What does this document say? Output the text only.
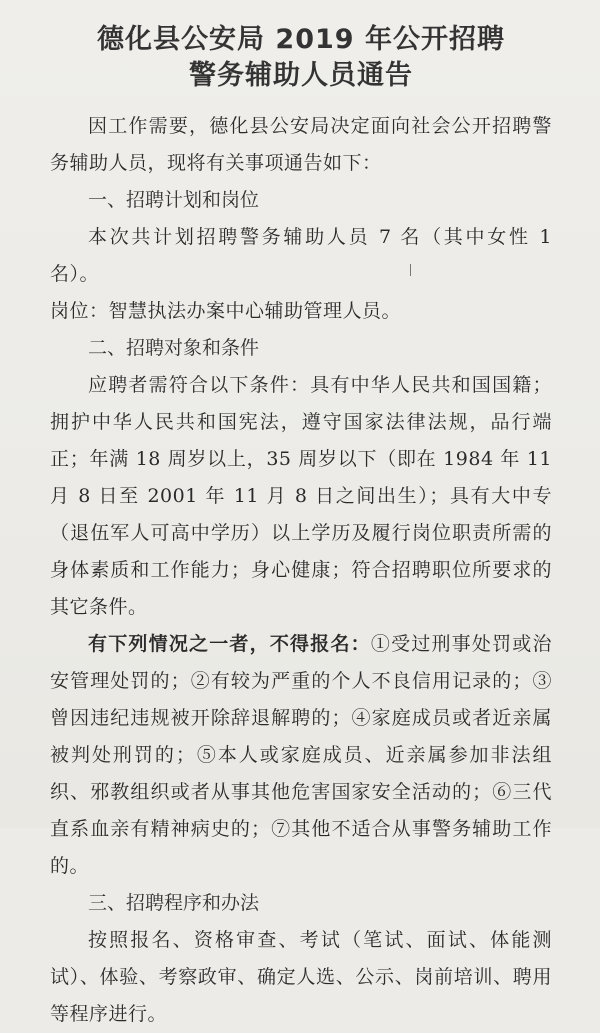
德化县公安局 2019 年公开招聘
警务辅助人员通告

因工作需要，德化县公安局决定面向社会公开招聘警务辅助人员，现将有关事项通告如下：

一、招聘计划和岗位

本次共计划招聘警务辅助人员 7 名（其中女性 1 名）。

岗位：智慧执法办案中心辅助管理人员。

二、招聘对象和条件

应聘者需符合以下条件：具有中华人民共和国国籍；拥护中华人民共和国宪法，遵守国家法律法规，品行端正；年满 18 周岁以上，35 周岁以下（即在 1984 年 11 月 8 日至 2001 年 11 月 8 日之间出生）；具有大中专（退伍军人可高中学历）以上学历及履行岗位职责所需的身体素质和工作能力；身心健康；符合招聘职位所要求的其它条件。

有下列情况之一者，不得报名：①受过刑事处罚或治安管理处罚的；②有较为严重的个人不良信用记录的；③曾因违纪违规被开除辞退解聘的；④家庭成员或者近亲属被判处刑罚的；⑤本人或家庭成员、近亲属参加非法组织、邪教组织或者从事其他危害国家安全活动的；⑥三代直系血亲有精神病史的；⑦其他不适合从事警务辅助工作的。

三、招聘程序和办法

按照报名、资格审查、考试（笔试、面试、体能测试）、体验、考察政审、确定人选、公示、岗前培训、聘用等程序进行。
